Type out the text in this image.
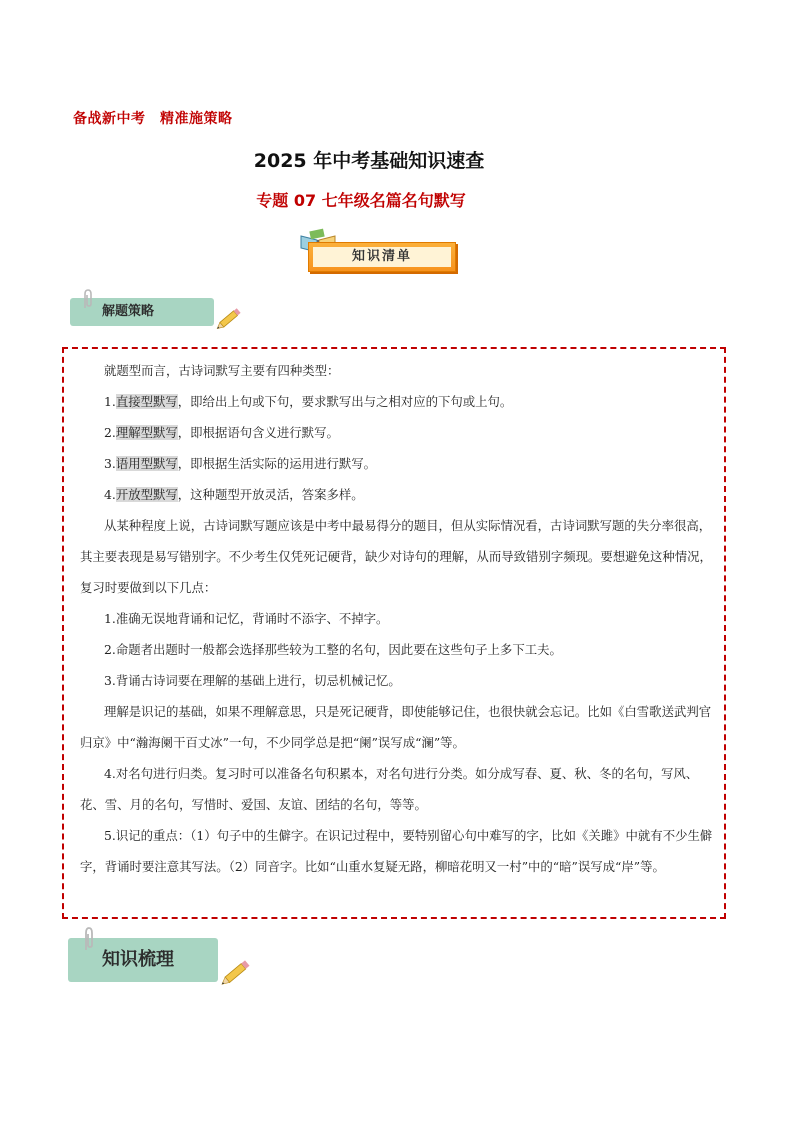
备战新中考　精准施策略
2025 年中考基础知识速查
专题 07 七年级名篇名句默写
知识清单
解题策略

就题型而言，古诗词默写主要有四种类型：

1.直接型默写，即给出上句或下句，要求默写出与之相对应的下句或上句。

2.理解型默写，即根据语句含义进行默写。

3.语用型默写，即根据生活实际的运用进行默写。

4.开放型默写，这种题型开放灵活，答案多样。

从某种程度上说，古诗词默写题应该是中考中最易得分的题目，但从实际情况看，古诗词默写题的失分率很高，其主要表现是易写错别字。不少考生仅凭死记硬背，缺少对诗句的理解，从而导致错别字频现。要想避免这种情况，复习时要做到以下几点：

1.准确无误地背诵和记忆，背诵时不添字、不掉字。

2.命题者出题时一般都会选择那些较为工整的名句，因此要在这些句子上多下工夫。

3.背诵古诗词要在理解的基础上进行，切忌机械记忆。

理解是识记的基础，如果不理解意思，只是死记硬背，即使能够记住，也很快就会忘记。比如《白雪歌送武判官归京》中“瀚海阑干百丈冰”一句，不少同学总是把“阑”误写成“澜”等。

4.对名句进行归类。复习时可以准备名句积累本，对名句进行分类。如分成写春、夏、秋、冬的名句，写风、花、雪、月的名句，写惜时、爱国、友谊、团结的名句，等等。

5.识记的重点：（1）句子中的生僻字。在识记过程中，要特别留心句中难写的字，比如《关雎》中就有不少生僻字，背诵时要注意其写法。（2）同音字。比如“山重水复疑无路，柳暗花明又一村”中的“暗”误写成“岸”等。

知识梳理
